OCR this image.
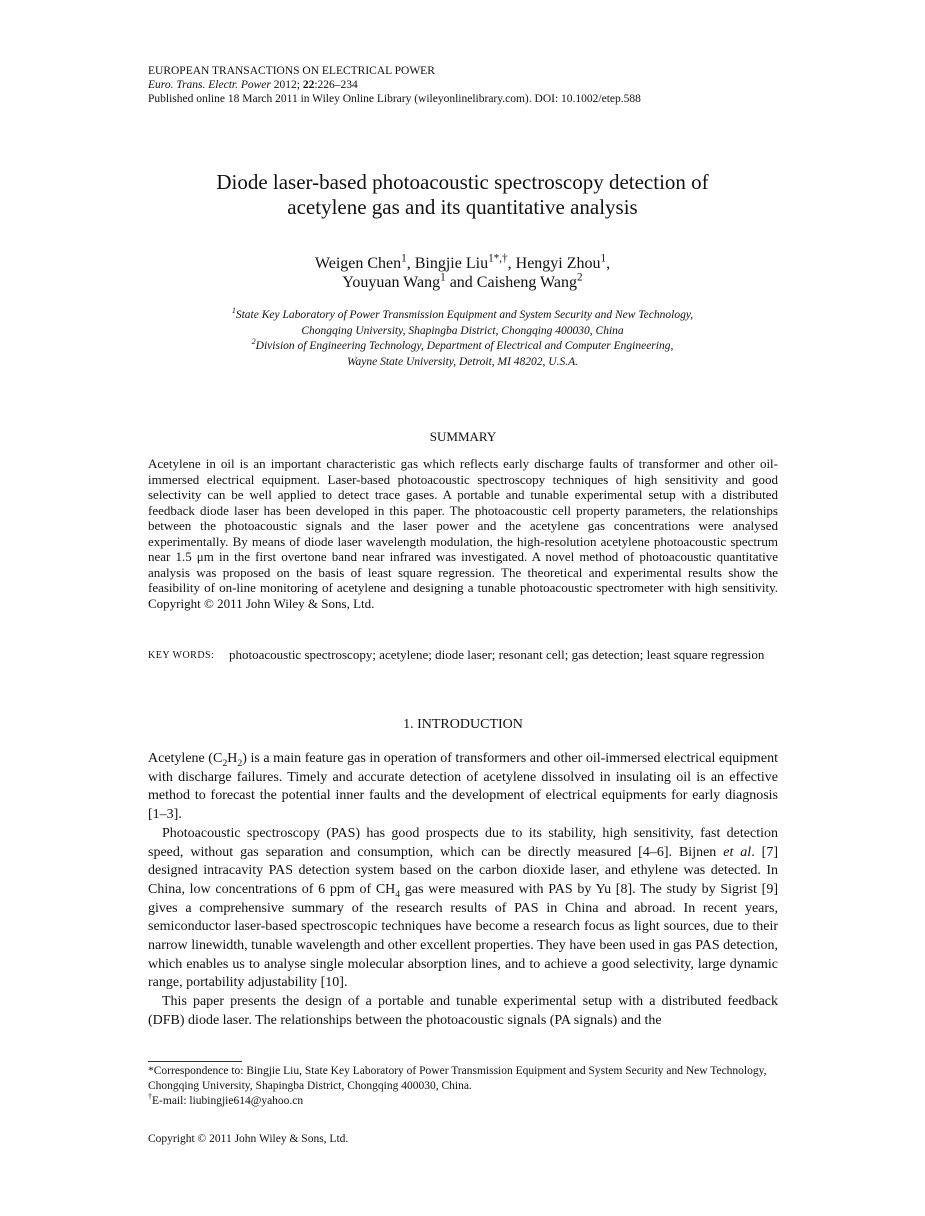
EUROPEAN TRANSACTIONS ON ELECTRICAL POWER
Euro. Trans. Electr. Power 2012; 22:226–234
Published online 18 March 2011 in Wiley Online Library (wileyonlinelibrary.com). DOI: 10.1002/etep.588
Diode laser-based photoacoustic spectroscopy detection of
acetylene gas and its quantitative analysis
Weigen Chen$^1$, Bingjie Liu$^{1*,\dagger}$, Hengyi Zhou$^1$,
Youyuan Wang$^1$ and Caisheng Wang$^2$
$^1$State Key Laboratory of Power Transmission Equipment and System Security and New Technology,
Chongqing University, Shapingba District, Chongqing 400030, China
$^2$Division of Engineering Technology, Department of Electrical and Computer Engineering,
Wayne State University, Detroit, MI 48202, U.S.A.
SUMMARY
Acetylene in oil is an important characteristic gas which reflects early discharge faults of transformer and other oil-immersed electrical equipment. Laser-based photoacoustic spectroscopy techniques of high sensitivity and good selectivity can be well applied to detect trace gases. A portable and tunable experimental setup with a distributed feedback diode laser has been developed in this paper. The photoacoustic cell property parameters, the relationships between the photoacoustic signals and the laser power and the acetylene gas concentrations were analysed experimentally. By means of diode laser wavelength modulation, the high-resolution acetylene photoacoustic spectrum near 1.5 μm in the first overtone band near infrared was investigated. A novel method of photoacoustic quantitative analysis was proposed on the basis of least square regression. The theoretical and experimental results show the feasibility of on-line monitoring of acetylene and designing a tunable photoacoustic spectrometer with high sensitivity. Copyright © 2011 John Wiley & Sons, Ltd.
KEY WORDS: photoacoustic spectroscopy; acetylene; diode laser; resonant cell; gas detection; least square regression
1. INTRODUCTION

Acetylene $(C_2H_2)$ is a main feature gas in operation of transformers and other oil-immersed electrical equipment with discharge failures. Timely and accurate detection of acetylene dissolved in insulating oil is an effective method to forecast the potential inner faults and the development of electrical equipments for early diagnosis [1–3].

Photoacoustic spectroscopy (PAS) has good prospects due to its stability, high sensitivity, fast detection speed, without gas separation and consumption, which can be directly measured [4–6]. Bijnen et al. [7] designed intracavity PAS detection system based on the carbon dioxide laser, and ethylene was detected. In China, low concentrations of 6 ppm of $CH_4$ gas were measured with PAS by Yu [8]. The study by Sigrist [9] gives a comprehensive summary of the research results of PAS in China and abroad. In recent years, semiconductor laser-based spectroscopic techniques have become a research focus as light sources, due to their narrow linewidth, tunable wavelength and other excellent properties. They have been used in gas PAS detection, which enables us to analyse single molecular absorption lines, and to achieve a good selectivity, large dynamic range, portability adjustability [10].

This paper presents the design of a portable and tunable experimental setup with a distributed feedback (DFB) diode laser. The relationships between the photoacoustic signals (PA signals) and the

*Correspondence to: Bingjie Liu, State Key Laboratory of Power Transmission Equipment and System Security and New Technology, Chongqing University, Shapingba District, Chongqing 400030, China.
†E-mail: liubingjie614@yahoo.cn
Copyright © 2011 John Wiley & Sons, Ltd.
